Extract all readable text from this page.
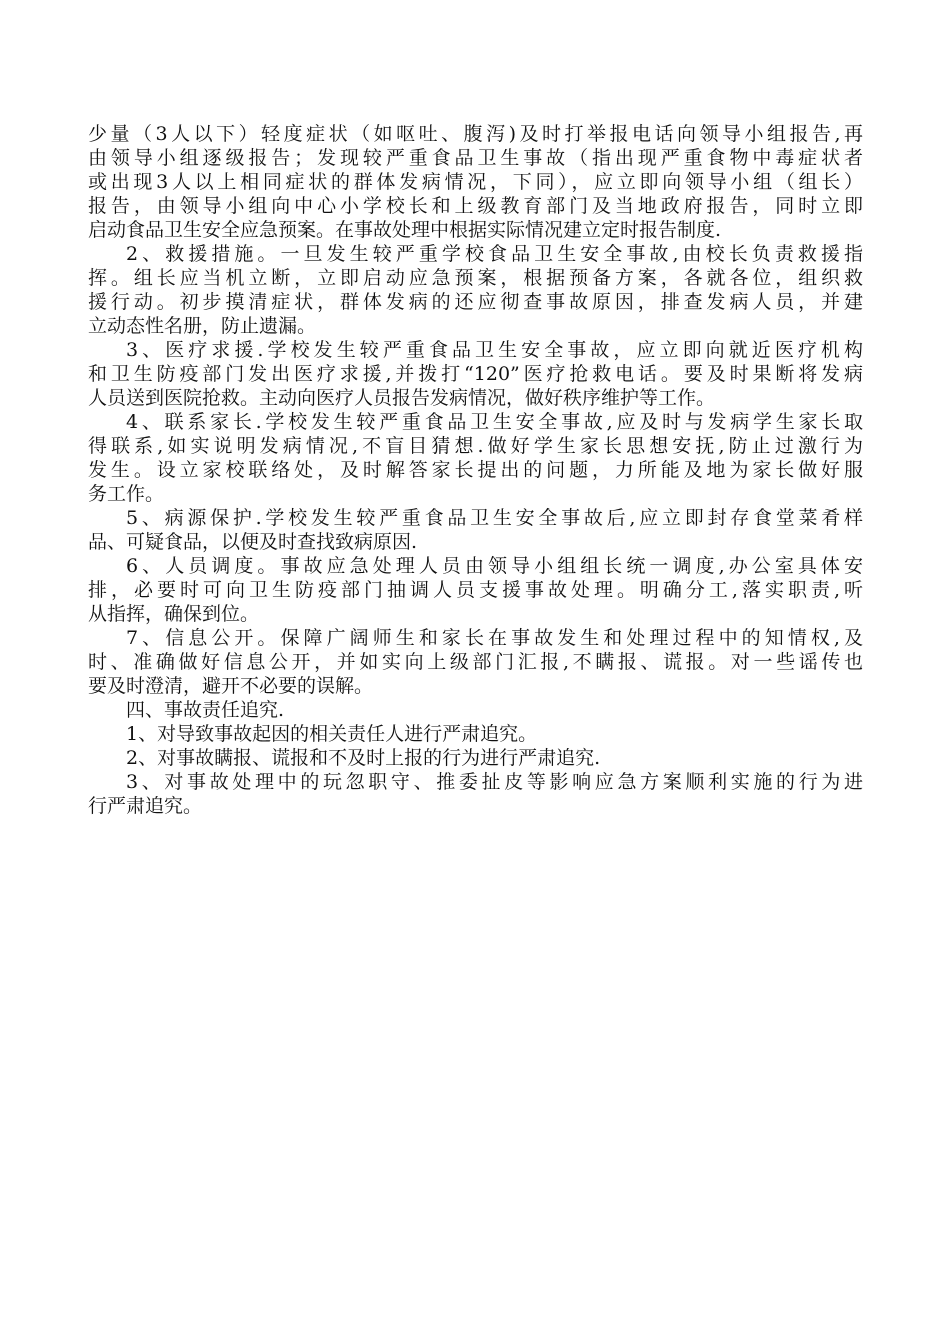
少量（3人以下）轻度症状（如呕吐、腹泻)及时打举报电话向领导小组报告,再
由领导小组逐级报告；发现较严重食品卫生事故（指出现严重食物中毒症状者
或出现3人以上相同症状的群体发病情况，下同），应立即向领导小组（组长）
报告，由领导小组向中心小学校长和上级教育部门及当地政府报告，同时立即
启动食品卫生安全应急预案。在事故处理中根据实际情况建立定时报告制度.
2、救援措施。一旦发生较严重学校食品卫生安全事故,由校长负责救援指
挥。组长应当机立断，立即启动应急预案，根据预备方案，各就各位，组织救
援行动。初步摸清症状，群体发病的还应彻查事故原因，排查发病人员，并建
立动态性名册，防止遗漏。
3、医疗求援.学校发生较严重食品卫生安全事故，应立即向就近医疗机构
和卫生防疫部门发出医疗求援,并拨打“120”医疗抢救电话。要及时果断将发病
人员送到医院抢救。主动向医疗人员报告发病情况，做好秩序维护等工作。
4、联系家长.学校发生较严重食品卫生安全事故,应及时与发病学生家长取
得联系,如实说明发病情况,不盲目猜想.做好学生家长思想安抚,防止过激行为
发生。设立家校联络处，及时解答家长提出的问题，力所能及地为家长做好服
务工作。
5、病源保护.学校发生较严重食品卫生安全事故后,应立即封存食堂菜肴样
品、可疑食品，以便及时查找致病原因.
6、人员调度。事故应急处理人员由领导小组组长统一调度,办公室具体安
排，必要时可向卫生防疫部门抽调人员支援事故处理。明确分工,落实职责,听
从指挥，确保到位。
7、信息公开。保障广阔师生和家长在事故发生和处理过程中的知情权,及
时、准确做好信息公开，并如实向上级部门汇报,不瞒报、谎报。对一些谣传也
要及时澄清，避开不必要的误解。
四、事故责任追究.
1、对导致事故起因的相关责任人进行严肃追究。
2、对事故瞒报、谎报和不及时上报的行为进行严肃追究.
3、对事故处理中的玩忽职守、推委扯皮等影响应急方案顺利实施的行为进
行严肃追究。
